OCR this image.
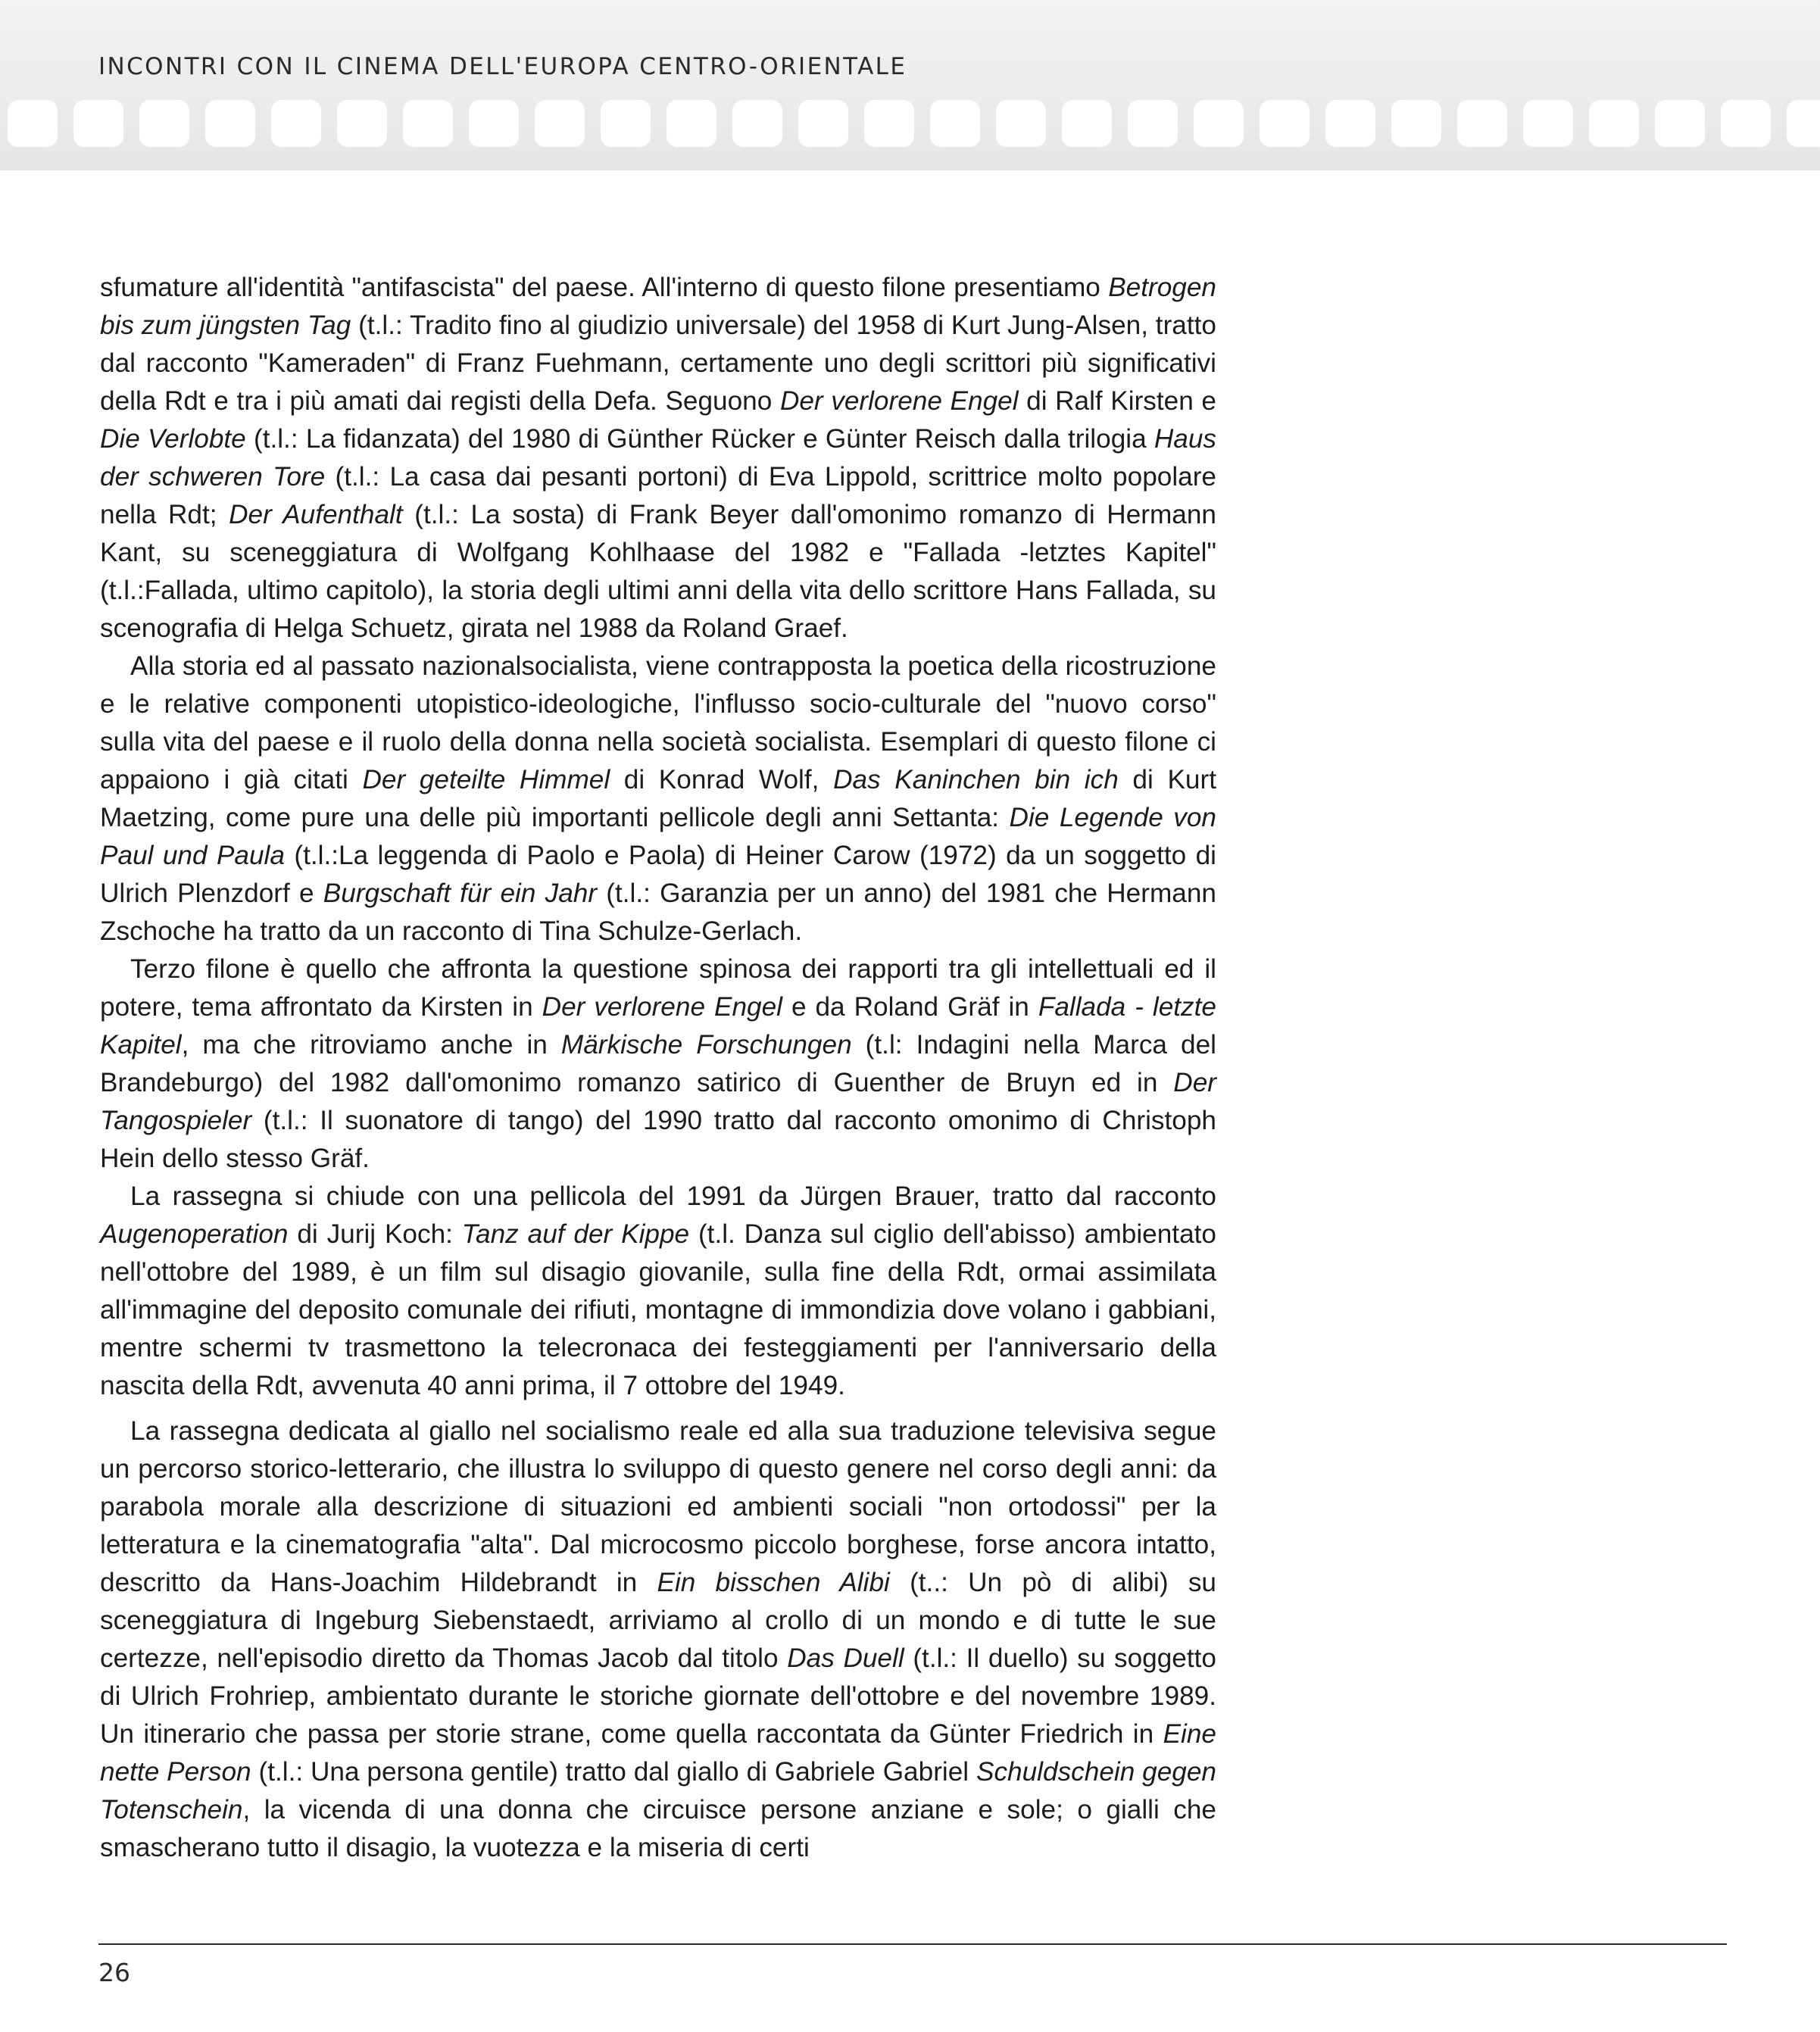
INCONTRI CON IL CINEMA DELL'EUROPA CENTRO-ORIENTALE

sfumature all'identità "antifascista" del paese. All'interno di questo filone presentiamo Betrogen bis zum jüngsten Tag (t.l.: Tradito fino al giudizio universale) del 1958 di Kurt Jung-Alsen, tratto dal racconto "Kameraden" di Franz Fuehmann, certamente uno degli scrittori più significativi della Rdt e tra i più amati dai registi della Defa. Seguono Der verlorene Engel di Ralf Kirsten e Die Verlobte (t.l.: La fidanzata) del 1980 di Günther Rücker e Günter Reisch dalla trilogia Haus der schweren Tore (t.l.: La casa dai pesanti portoni) di Eva Lippold, scrittrice molto popolare nella Rdt; Der Aufenthalt (t.l.: La sosta) di Frank Beyer dall'omonimo romanzo di Hermann Kant, su sceneggiatura di Wolfgang Kohlhaase del 1982 e "Fallada -letztes Kapitel" (t.l.:Fallada, ultimo capitolo), la storia degli ultimi anni della vita dello scrittore Hans Fallada, su scenografia di Helga Schuetz, girata nel 1988 da Roland Graef.

Alla storia ed al passato nazionalsocialista, viene contrapposta la poetica della ricostruzione e le relative componenti utopistico-ideologiche, l'influsso socio-culturale del "nuovo corso" sulla vita del paese e il ruolo della donna nella società socialista. Esemplari di questo filone ci appaiono i già citati Der geteilte Himmel di Konrad Wolf, Das Kaninchen bin ich di Kurt Maetzing, come pure una delle più importanti pellicole degli anni Settanta: Die Legende von Paul und Paula (t.l.:La leggenda di Paolo e Paola) di Heiner Carow (1972) da un soggetto di Ulrich Plenzdorf e Burgschaft für ein Jahr (t.l.: Garanzia per un anno) del 1981 che Hermann Zschoche ha tratto da un racconto di Tina Schulze-Gerlach.

Terzo filone è quello che affronta la questione spinosa dei rapporti tra gli intellettuali ed il potere, tema affrontato da Kirsten in Der verlorene Engel e da Roland Gräf in Fallada - letzte Kapitel, ma che ritroviamo anche in Märkische Forschungen (t.l: Indagini nella Marca del Brandeburgo) del 1982 dall'omonimo romanzo satirico di Guenther de Bruyn ed in Der Tangospieler (t.l.: Il suonatore di tango) del 1990 tratto dal racconto omonimo di Christoph Hein dello stesso Gräf.

La rassegna si chiude con una pellicola del 1991 da Jürgen Brauer, tratto dal racconto Augenoperation di Jurij Koch: Tanz auf der Kippe (t.l. Danza sul ciglio dell'abisso) ambientato nell'ottobre del 1989, è un film sul disagio giovanile, sulla fine della Rdt, ormai assimilata all'immagine del deposito comunale dei rifiuti, montagne di immondizia dove volano i gabbiani, mentre schermi tv trasmettono la telecronaca dei festeggiamenti per l'anniversario della nascita della Rdt, avvenuta 40 anni prima, il 7 ottobre del 1949.

La rassegna dedicata al giallo nel socialismo reale ed alla sua traduzione televisiva segue un percorso storico-letterario, che illustra lo sviluppo di questo genere nel corso degli anni: da parabola morale alla descrizione di situazioni ed ambienti sociali "non ortodossi" per la letteratura e la cinematografia "alta". Dal microcosmo piccolo borghese, forse ancora intatto, descritto da Hans-Joachim Hildebrandt in Ein bisschen Alibi (t..: Un pò di alibi) su sceneggiatura di Ingeburg Siebenstaedt, arriviamo al crollo di un mondo e di tutte le sue certezze, nell'episodio diretto da Thomas Jacob dal titolo Das Duell (t.l.: Il duello) su soggetto di Ulrich Frohriep, ambientato durante le storiche giornate dell'ottobre e del novembre 1989. Un itinerario che passa per storie strane, come quella raccontata da Günter Friedrich in Eine nette Person (t.l.: Una persona gentile) tratto dal giallo di Gabriele Gabriel Schuldschein gegen Totenschein, la vicenda di una donna che circuisce persone anziane e sole; o gialli che smascherano tutto il disagio, la vuotezza e la miseria di certi

26
